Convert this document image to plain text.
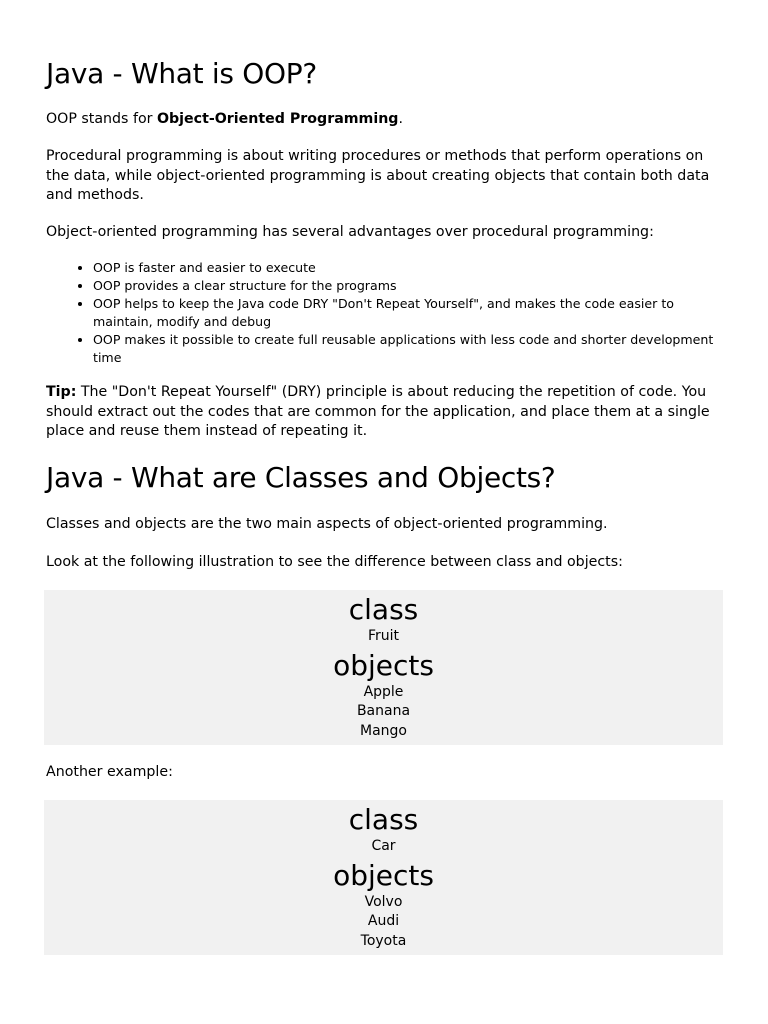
Java - What is OOP?

OOP stands for Object-Oriented Programming.

Procedural programming is about writing procedures or methods that perform operations on the data, while object-oriented programming is about creating objects that contain both data and methods.

Object-oriented programming has several advantages over procedural programming:

• OOP is faster and easier to execute
• OOP provides a clear structure for the programs
• OOP helps to keep the Java code DRY "Don't Repeat Yourself", and makes the code easier to maintain, modify and debug
• OOP makes it possible to create full reusable applications with less code and shorter development time

Tip: The "Don't Repeat Yourself" (DRY) principle is about reducing the repetition of code. You should extract out the codes that are common for the application, and place them at a single place and reuse them instead of repeating it.

Java - What are Classes and Objects?

Classes and objects are the two main aspects of object-oriented programming.

Look at the following illustration to see the difference between class and objects:

class
Fruit
objects
Apple
Banana
Mango

Another example:

class
Car
objects
Volvo
Audi
Toyota
